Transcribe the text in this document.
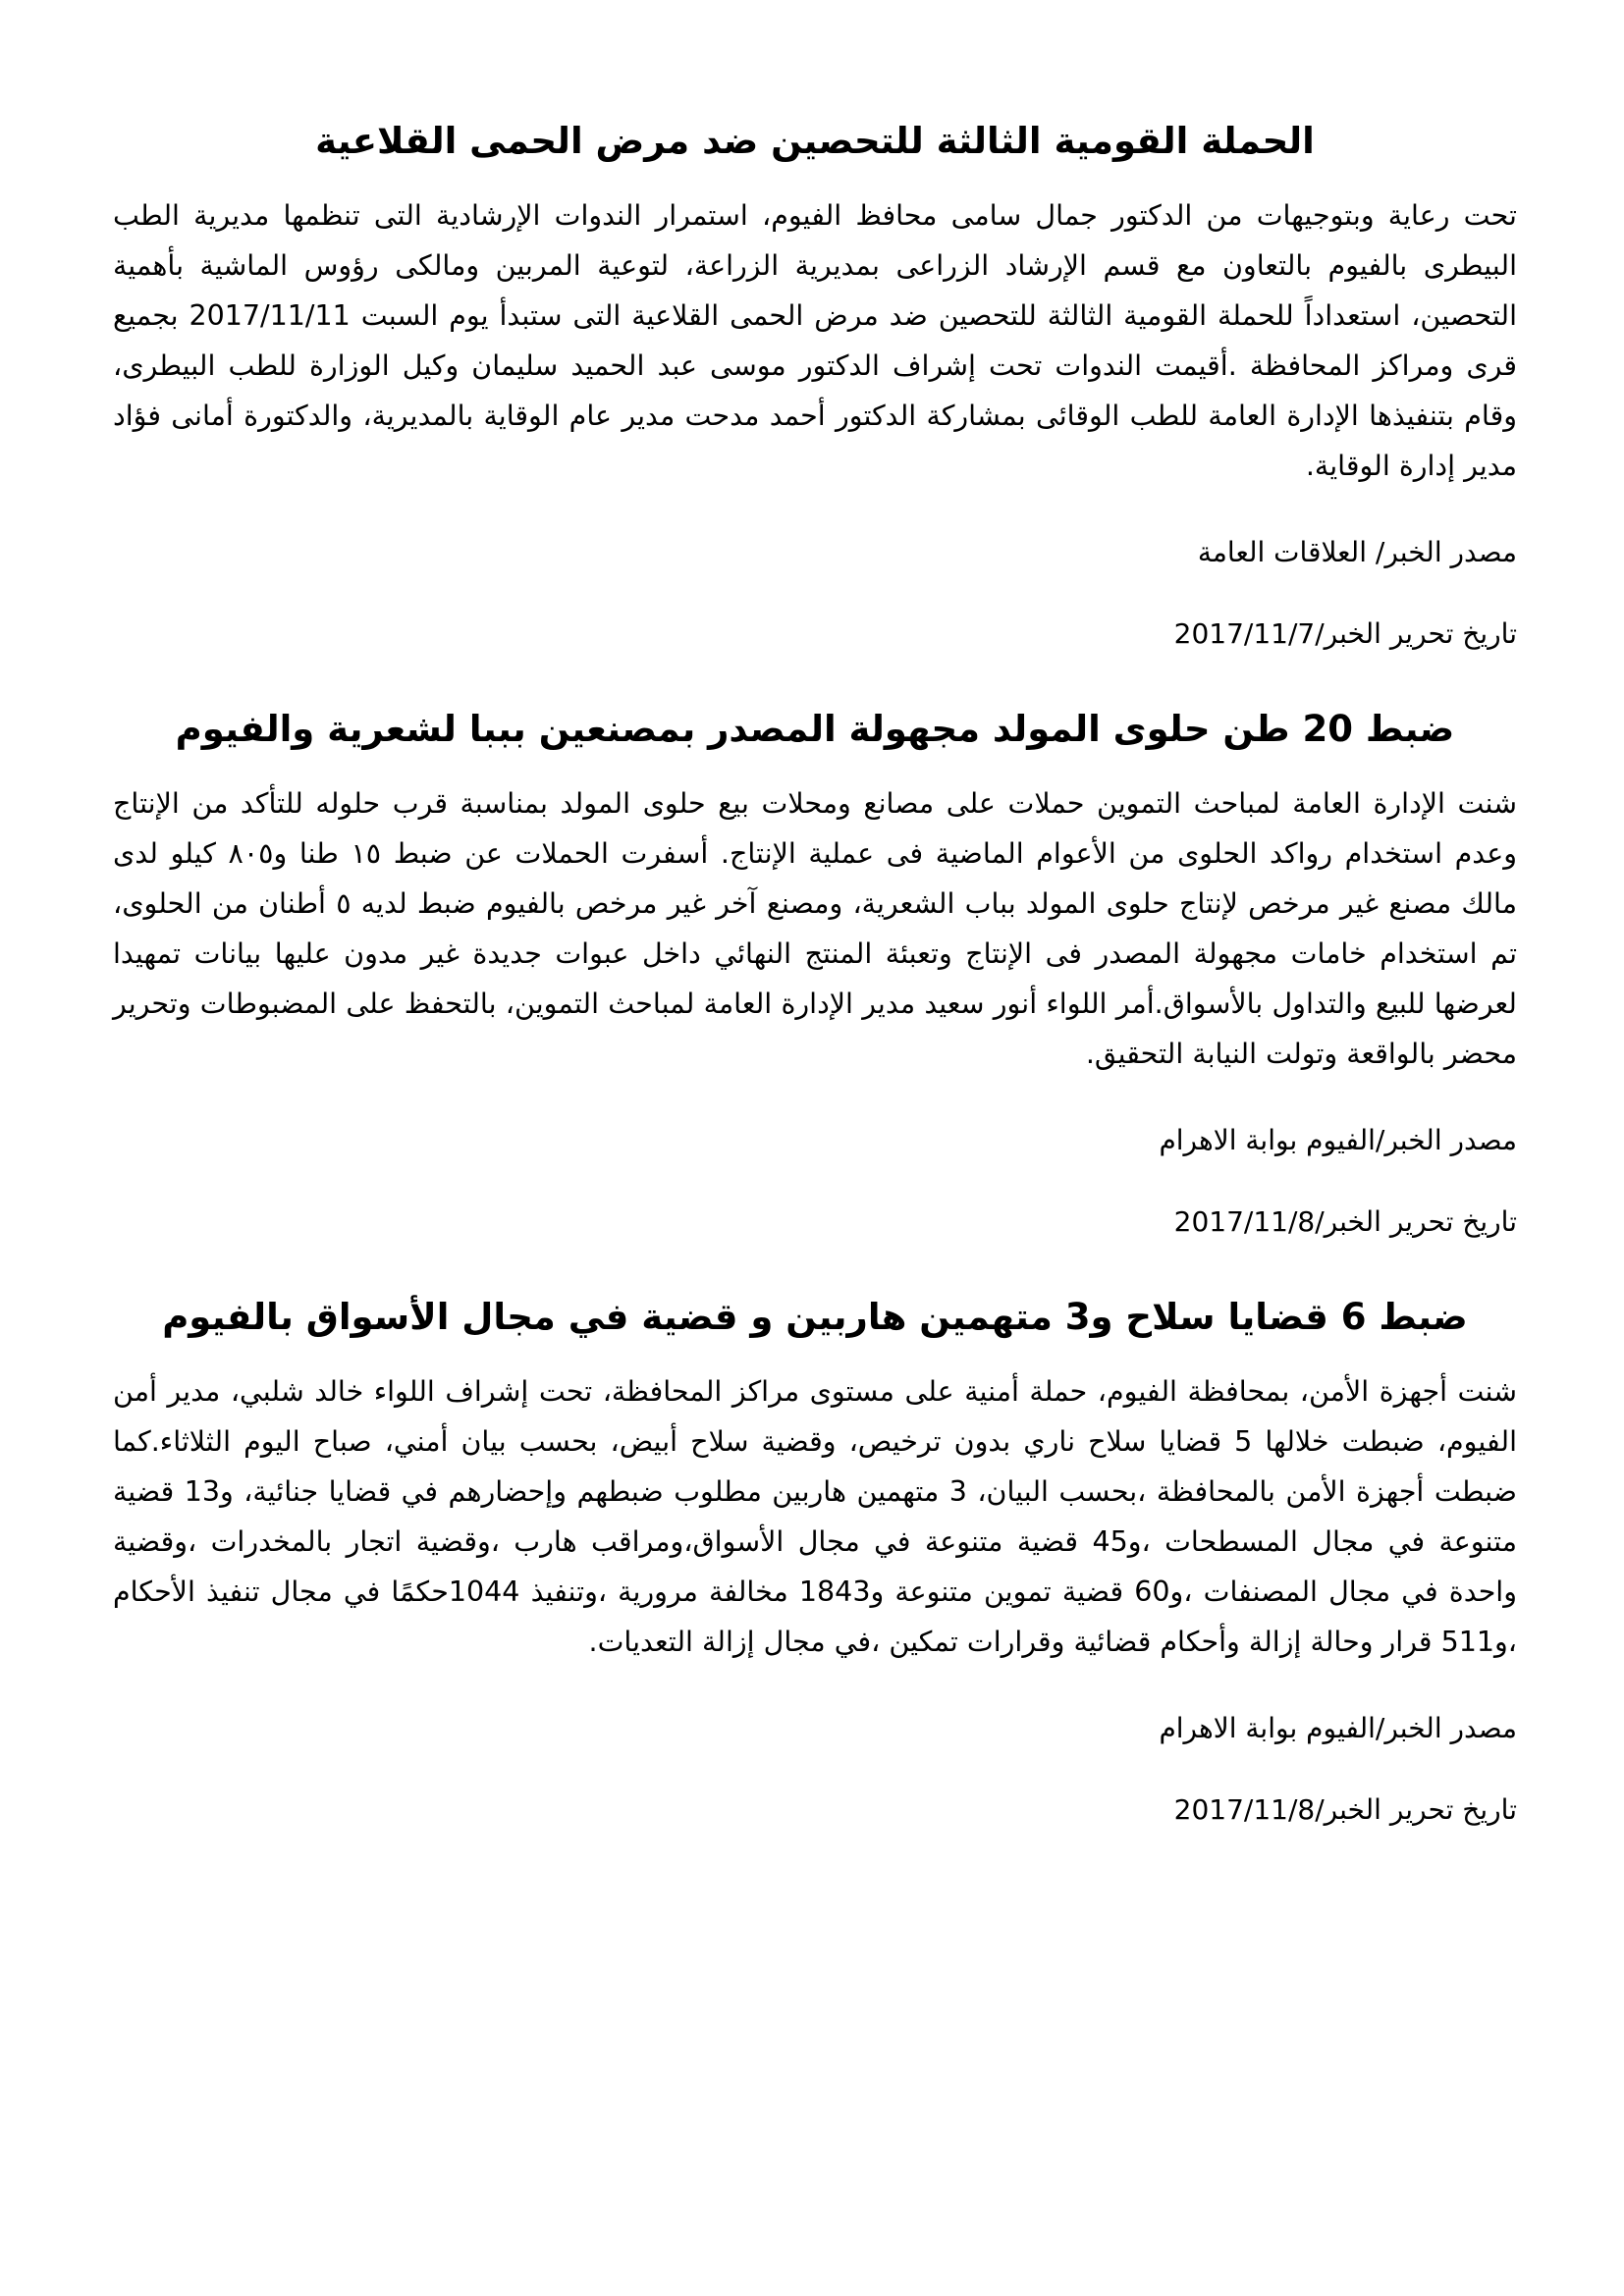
الحملة القومية الثالثة للتحصين ضد مرض الحمى القلاعية

تحت رعاية وبتوجيهات من الدكتور جمال سامى محافظ الفيوم، استمرار الندوات الإرشادية التى تنظمها مديرية الطب البيطرى بالفيوم بالتعاون مع قسم الإرشاد الزراعى بمديرية الزراعة، لتوعية المربين ومالكى رؤوس الماشية بأهمية التحصين، استعداداً للحملة القومية الثالثة للتحصين ضد مرض الحمى القلاعية التى ستبدأ يوم السبت 2017/11/11 بجميع قرى ومراكز المحافظة .أقيمت الندوات تحت إشراف الدكتور موسى عبد الحميد سليمان وكيل الوزارة للطب البيطرى، وقام بتنفيذها الإدارة العامة للطب الوقائى بمشاركة الدكتور أحمد مدحت مدير عام الوقاية بالمديرية، والدكتورة أمانى فؤاد مدير إدارة الوقاية.

مصدر الخبر/ العلاقات العامة

تاريخ تحرير الخبر/2017/11/7

ضبط 20 طن حلوى المولد مجهولة المصدر بمصنعين بببا لشعرية والفيوم

شنت الإدارة العامة لمباحث التموين حملات على مصانع ومحلات بيع حلوى المولد بمناسبة قرب حلوله للتأكد من الإنتاج وعدم استخدام رواكد الحلوى من الأعوام الماضية فى عملية الإنتاج. أسفرت الحملات عن ضبط ١٥ طنا و٨٠٥ كيلو لدى مالك مصنع غير مرخص لإنتاج حلوى المولد بباب الشعرية، ومصنع آخر غير مرخص بالفيوم ضبط لديه ٥ أطنان من الحلوى، تم استخدام خامات مجهولة المصدر فى الإنتاج وتعبئة المنتج النهائي داخل عبوات جديدة غير مدون عليها بيانات تمهيدا لعرضها للبيع والتداول بالأسواق.أمر اللواء أنور سعيد مدير الإدارة العامة لمباحث التموين، بالتحفظ على المضبوطات وتحرير محضر بالواقعة وتولت النيابة التحقيق.

مصدر الخبر/الفيوم بوابة الاهرام

تاريخ تحرير الخبر/2017/11/8

ضبط 6 قضايا سلاح و3 متهمين هاربين و قضية في مجال الأسواق بالفيوم

شنت أجهزة الأمن، بمحافظة الفيوم، حملة أمنية على مستوى مراكز المحافظة، تحت إشراف اللواء خالد شلبي، مدير أمن الفيوم، ضبطت خلالها 5 قضايا سلاح ناري بدون ترخيص، وقضية سلاح أبيض، بحسب بيان أمني، صباح اليوم الثلاثاء.كما ضبطت أجهزة الأمن بالمحافظة ،بحسب البيان، 3 متهمين هاربين مطلوب ضبطهم وإحضارهم في قضايا جنائية، و13 قضية متنوعة في مجال المسطحات ،و45 قضية متنوعة في مجال الأسواق،ومراقب هارب ،وقضية اتجار بالمخدرات ،وقضية واحدة في مجال المصنفات ،و60 قضية تموين متنوعة و1843 مخالفة مرورية ،وتنفيذ 1044حكمًا في مجال تنفيذ الأحكام ،و511 قرار وحالة إزالة وأحكام قضائية وقرارات تمكين ،في مجال إزالة التعديات.

مصدر الخبر/الفيوم بوابة الاهرام

تاريخ تحرير الخبر/2017/11/8
